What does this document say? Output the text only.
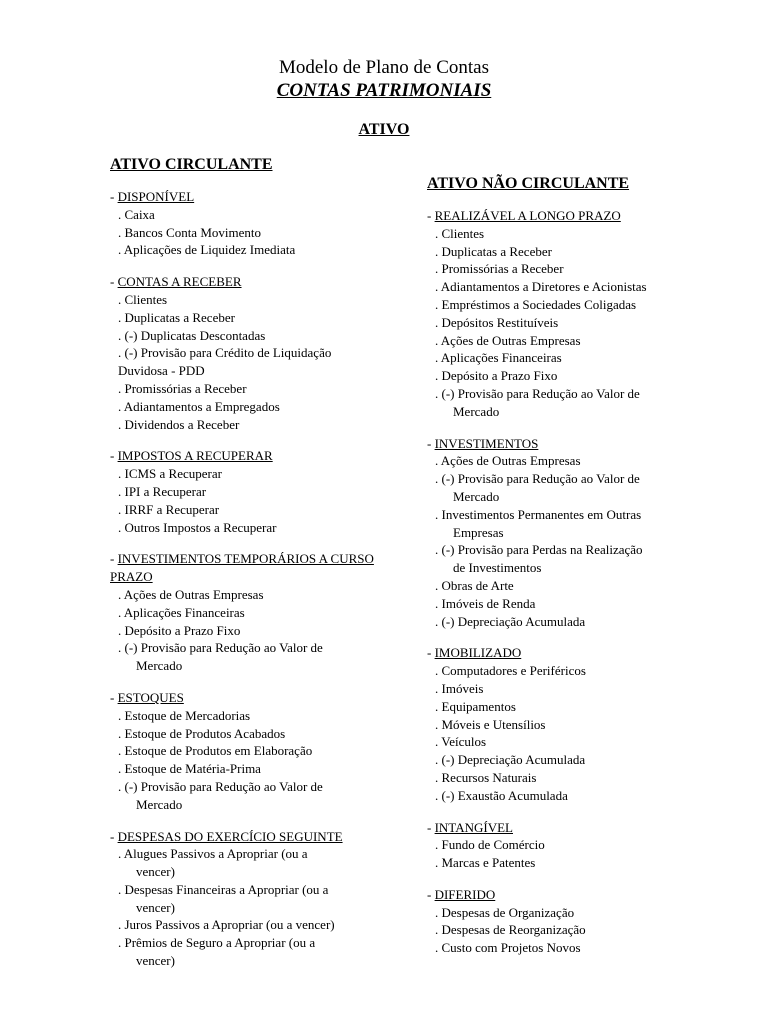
Modelo de Plano de Contas
CONTAS PATRIMONIAIS
ATIVO
ATIVO CIRCULANTE
- DISPONÍVEL
. Caixa
. Bancos Conta Movimento
. Aplicações de Liquidez Imediata
- CONTAS A RECEBER
. Clientes
. Duplicatas a Receber
. (-) Duplicatas Descontadas
. (-) Provisão para Crédito de Liquidação
Duvidosa - PDD
. Promissórias a Receber
. Adiantamentos a Empregados
. Dividendos a Receber
- IMPOSTOS A RECUPERAR
. ICMS a Recuperar
. IPI a Recuperar
. IRRF a Recuperar
. Outros Impostos a Recuperar
- INVESTIMENTOS TEMPORÁRIOS A CURSO PRAZO
. Ações de Outras Empresas
. Aplicações Financeiras
. Depósito a Prazo Fixo
. (-) Provisão para Redução ao Valor de
Mercado
- ESTOQUES
. Estoque de Mercadorias
. Estoque de Produtos Acabados
. Estoque de Produtos em Elaboração
. Estoque de Matéria-Prima
. (-) Provisão para Redução ao Valor de
Mercado
- DESPESAS DO EXERCÍCIO SEGUINTE
. Alugues Passivos a Apropriar (ou a
vencer)
. Despesas Financeiras a Apropriar (ou a
vencer)
. Juros Passivos a Apropriar (ou a vencer)
. Prêmios de Seguro a Apropriar (ou a
vencer)
ATIVO NÃO CIRCULANTE
- REALIZÁVEL A LONGO PRAZO
. Clientes
. Duplicatas a Receber
. Promissórias a Receber
. Adiantamentos a Diretores e Acionistas
. Empréstimos a Sociedades Coligadas
. Depósitos Restituíveis
. Ações de Outras Empresas
. Aplicações Financeiras
. Depósito a Prazo Fixo
. (-) Provisão para Redução ao Valor de
Mercado
- INVESTIMENTOS
. Ações de Outras Empresas
. (-) Provisão para Redução ao Valor de
Mercado
. Investimentos Permanentes em Outras
Empresas
. (-) Provisão para Perdas na Realização
de Investimentos
. Obras de Arte
. Imóveis de Renda
. (-) Depreciação Acumulada
- IMOBILIZADO
. Computadores e Periféricos
. Imóveis
. Equipamentos
. Móveis e Utensílios
. Veículos
. (-) Depreciação Acumulada
. Recursos Naturais
. (-) Exaustão Acumulada
- INTANGÍVEL
. Fundo de Comércio
. Marcas e Patentes
- DIFERIDO
. Despesas de Organização
. Despesas de Reorganização
. Custo com Projetos Novos
